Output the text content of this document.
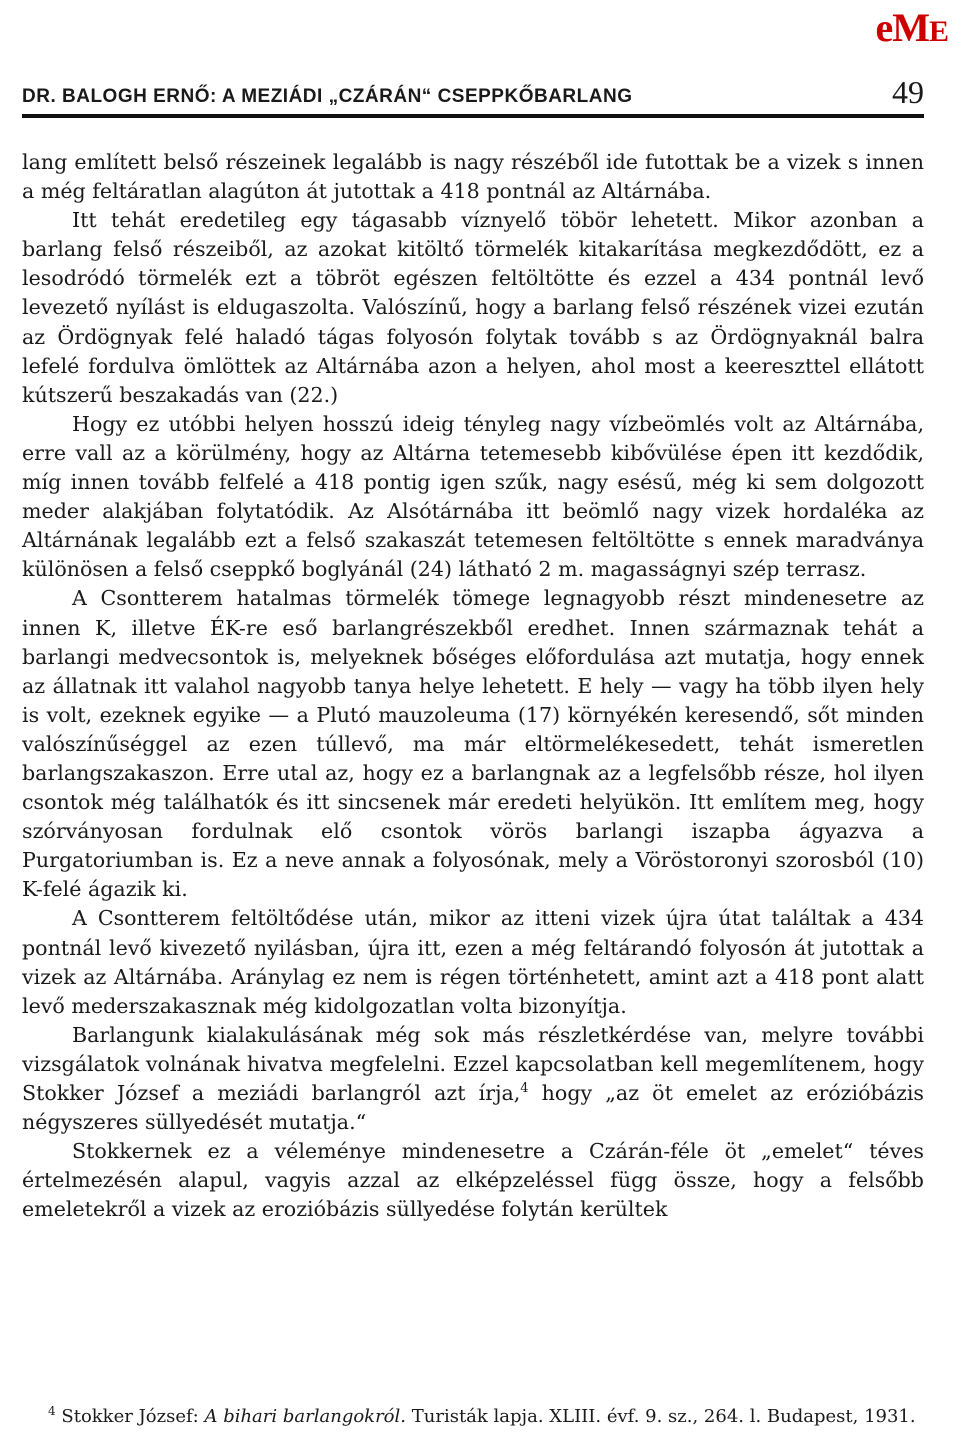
eME
DR. BALOGH ERNŐ: A MEZIÁDI „CZÁRÁN“ CSEPPKŐBARLANG	49

lang említett belső részeinek legalább is nagy részéből ide futottak be a vizek s innen a még feltáratlan alagúton át jutottak a 418 pontnál az Altárnába.

Itt tehát eredetileg egy tágasabb víznyelő töbör lehetett. Mikor azonban a barlang felső részeiből, az azokat kitöltő törmelék kitakarítása megkezdődött, ez a lesodródó törmelék ezt a töbröt egészen feltöltötte és ezzel a 434 pontnál levő levezető nyílást is eldugaszolta. Valószínű, hogy a barlang felső részének vizei ezután az Ördögnyak felé haladó tágas folyosón folytak tovább s az Ördögnyaknál balra lefelé fordulva ömlöttek az Altárnába azon a helyen, ahol most a keereszttel ellátott kútszerű beszakadás van (22.)

Hogy ez utóbbi helyen hosszú ideig tényleg nagy vízbeömlés volt az Altárnába, erre vall az a körülmény, hogy az Altárna tetemesebb kibővülése épen itt kezdődik, míg innen tovább felfelé a 418 pontig igen szűk, nagy esésű, még ki sem dolgozott meder alakjában folytatódik. Az Alsótárnába itt beömlő nagy vizek hordaléka az Altárnának legalább ezt a felső szakaszát tetemesen feltöltötte s ennek maradványa különösen a felső cseppkő boglyánál (24) látható 2 m. magasságnyi szép terrasz.

A Csontterem hatalmas törmelék tömege legnagyobb részt mindenesetre az innen K, illetve ÉK-re eső barlangrészekből eredhet. Innen származnak tehát a barlangi medvecsontok is, melyeknek bőséges előfordulása azt mutatja, hogy ennek az állatnak itt valahol nagyobb tanya helye lehetett. E hely — vagy ha több ilyen hely is volt, ezeknek egyike — a Plutó mauzoleuma (17) környékén keresendő, sőt minden valószínűséggel az ezen túllevő, ma már eltörmelékesedett, tehát ismeretlen barlangszakaszon. Erre utal az, hogy ez a barlangnak az a legfelsőbb része, hol ilyen csontok még találhatók és itt sincsenek már eredeti helyükön. Itt említem meg, hogy szórványosan fordulnak elő csontok vörös barlangi iszapba ágyazva a Purgatoriumban is. Ez a neve annak a folyosónak, mely a Vöröstoronyi szorosból (10) K-felé ágazik ki.

A Csontterem feltöltődése után, mikor az itteni vizek újra útat találtak a 434 pontnál levő kivezető nyilásban, újra itt, ezen a még feltárandó folyosón át jutottak a vizek az Altárnába. Aránylag ez nem is régen történhetett, amint azt a 418 pont alatt levő mederszakasznak még kidolgozatlan volta bizonyítja.

Barlangunk kialakulásának még sok más részletkérdése van, melyre további vizsgálatok volnának hivatva megfelelni. Ezzel kapcsolatban kell megemlítenem, hogy Stokker József a meziádi barlangról azt írja,$^4$ hogy „az öt emelet az erózióbázis négyszeres süllyedését mutatja.“

Stokkernek ez a véleménye mindenesetre a Czárán-féle öt „emelet“ téves értelmezésén alapul, vagyis azzal az elképzeléssel függ össze, hogy a felsőbb emeletekről a vizek az erozióbázis süllyedése folytán kerültek

$^4$ Stokker József: A bihari barlangokról. Turisták lapja. XLIII. évf. 9. sz., 264. l. Budapest, 1931.
